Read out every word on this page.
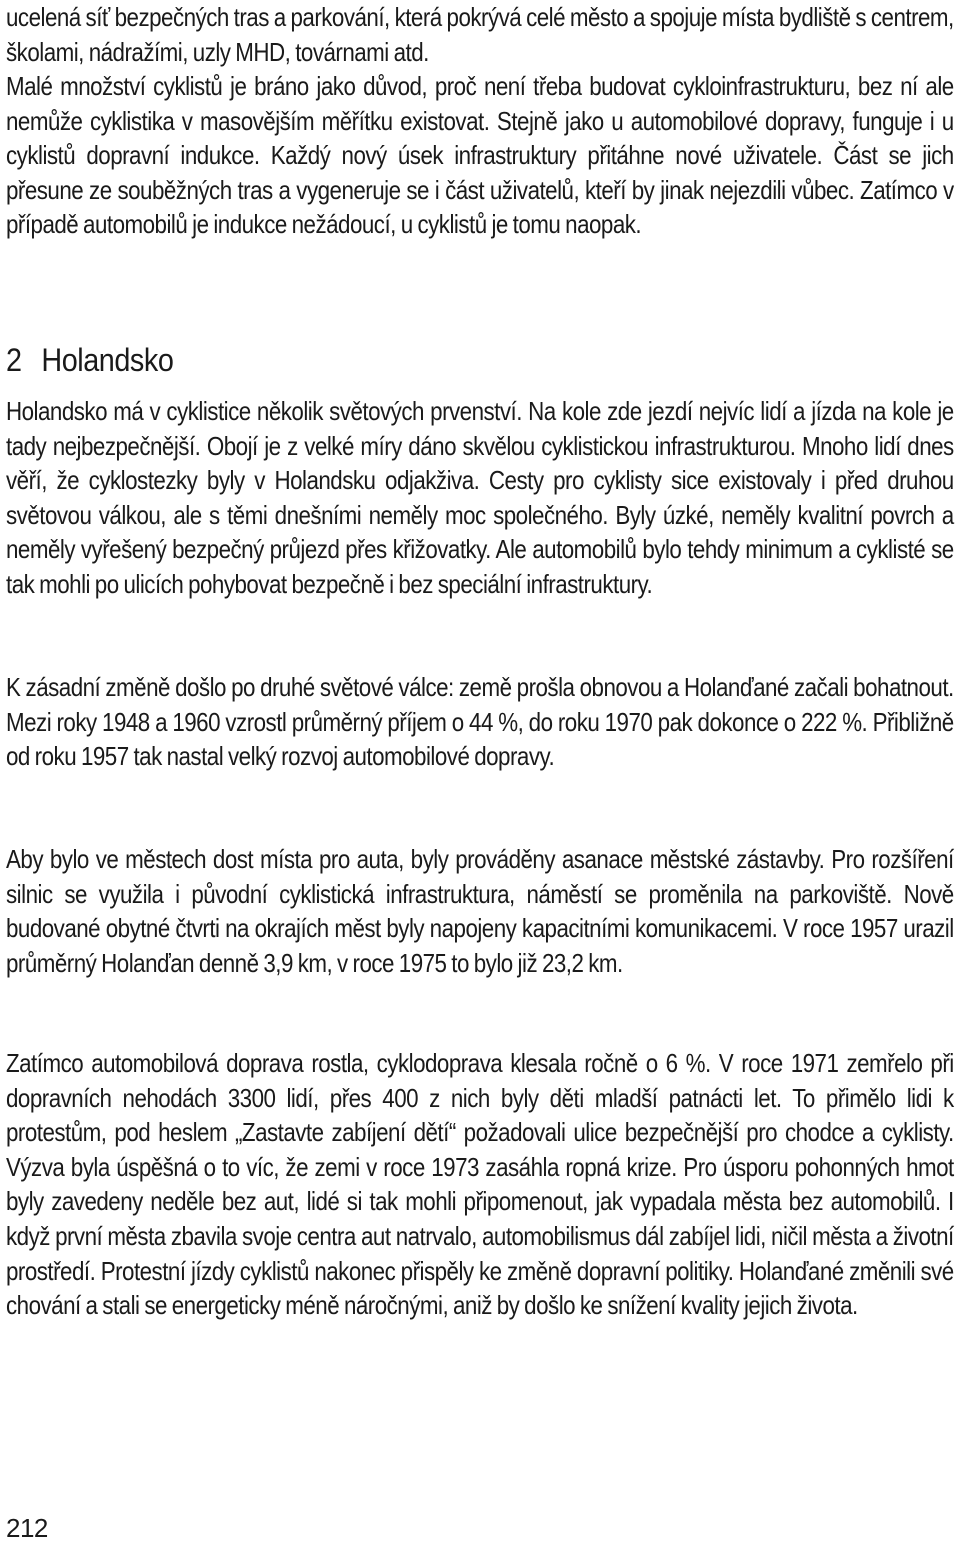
ucelená síť bezpečných tras a parkování, která pokrývá celé město a spojuje místa bydliště s centrem, školami, nádražími, uzly MHD, továrnami atd.

Malé množství cyklistů je bráno jako důvod, proč není třeba budovat cykloinfrastrukturu, bez ní ale nemůže cyklistika v masovějším měřítku existovat. Stejně jako u automobilové dopravy, funguje i u cyklistů dopravní indukce. Každý nový úsek infrastruktury přitáhne nové uživatele. Část se jich přesune ze souběžných tras a vygeneruje se i část uživatelů, kteří by jinak nejezdili vůbec. Zatímco v případě automobilů je indukce nežádoucí, u cyklistů je tomu naopak.

2 Holandsko

Holandsko má v cyklistice několik světových prvenství. Na kole zde jezdí nejvíc lidí a jízda na kole je tady nejbezpečnější. Obojí je z velké míry dáno skvělou cyklistickou infrastrukturou. Mnoho lidí dnes věří, že cyklostezky byly v Holandsku odjakživa. Cesty pro cyklisty sice existovaly i před druhou světovou válkou, ale s těmi dnešními neměly moc společného. Byly úzké, neměly kvalitní povrch a neměly vyřešený bezpečný průjezd přes křižovatky. Ale automobilů bylo tehdy minimum a cyklisté se tak mohli po ulicích pohybovat bezpečně i bez speciální infrastruktury.

K zásadní změně došlo po druhé světové válce: země prošla obnovou a Holanďané začali bohatnout. Mezi roky 1948 a 1960 vzrostl průměrný příjem o 44 %, do roku 1970 pak dokonce o 222 %. Přibližně od roku 1957 tak nastal velký rozvoj automobilové dopravy.

Aby bylo ve městech dost místa pro auta, byly prováděny asanace městské zástavby. Pro rozšíření silnic se využila i původní cyklistická infrastruktura, náměstí se proměnila na parkoviště. Nově budované obytné čtvrti na okrajích měst byly napojeny kapacitními komunikacemi. V roce 1957 urazil průměrný Holanďan denně 3,9 km, v roce 1975 to bylo již 23,2 km.

Zatímco automobilová doprava rostla, cyklodoprava klesala ročně o 6 %. V roce 1971 zemřelo při dopravních nehodách 3300 lidí, přes 400 z nich byly děti mladší patnácti let. To přimělo lidi k protestům, pod heslem „Zastavte zabíjení dětí“ požadovali ulice bezpečnější pro chodce a cyklisty. Výzva byla úspěšná o to víc, že zemi v roce 1973 zasáhla ropná krize. Pro úsporu pohonných hmot byly zavedeny neděle bez aut, lidé si tak mohli připomenout, jak vypadala města bez automobilů. I když první města zbavila svoje centra aut natrvalo, automobilismus dál zabíjel lidi, ničil města a životní prostředí. Protestní jízdy cyklistů nakonec přispěly ke změně dopravní politiky. Holanďané změnili své chování a stali se energeticky méně náročnými, aniž by došlo ke snížení kvality jejich života.

212
